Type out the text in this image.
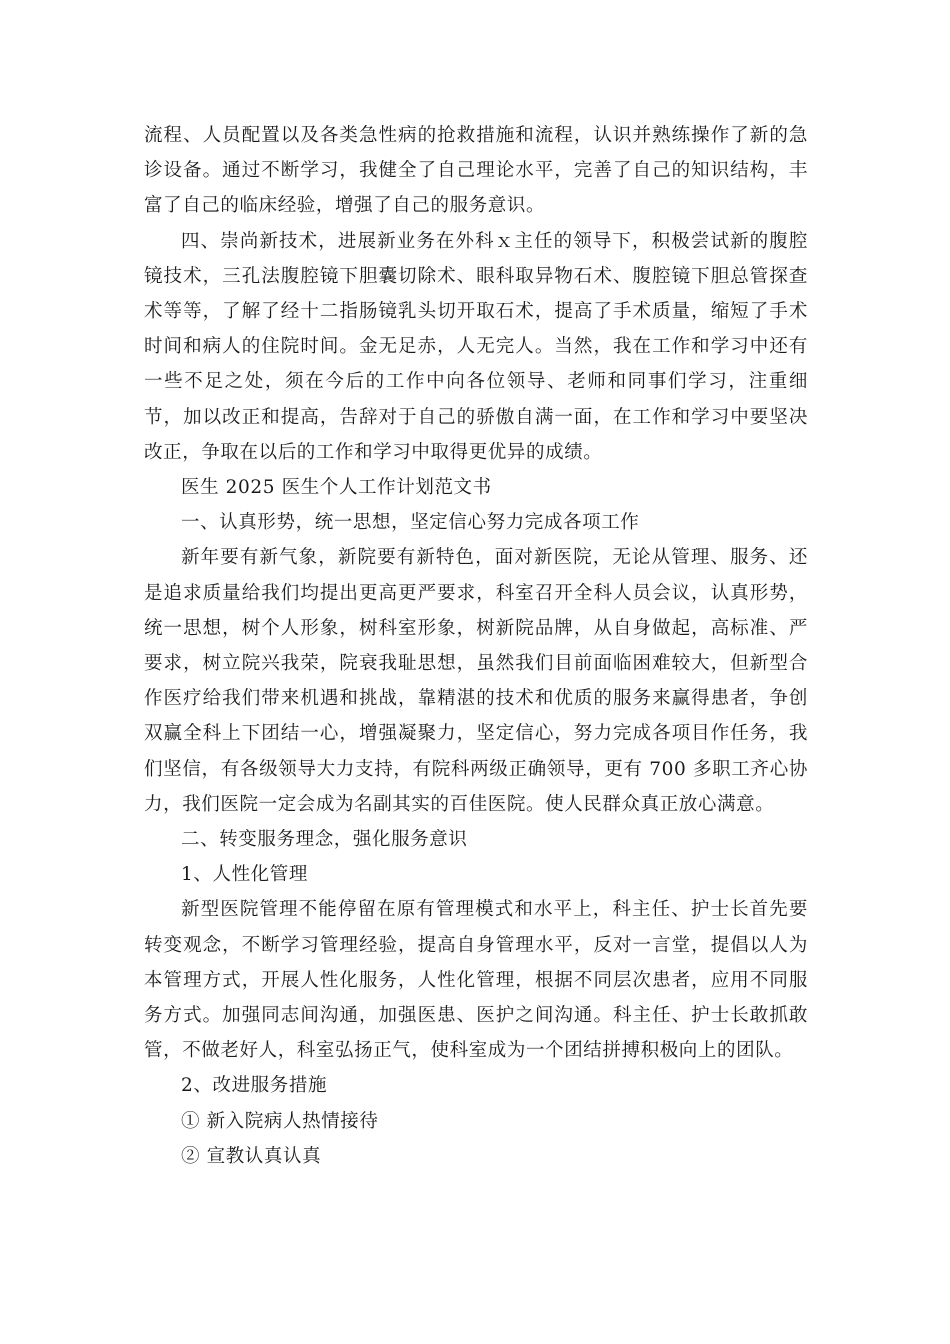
流程、人员配置以及各类急性病的抢救措施和流程，认识并熟练操作了新的急诊设备。通过不断学习，我健全了自己理论水平，完善了自己的知识结构，丰富了自己的临床经验，增强了自己的服务意识。

四、崇尚新技术，进展新业务在外科ｘ主任的领导下，积极尝试新的腹腔镜技术，三孔法腹腔镜下胆囊切除术、眼科取异物石术、腹腔镜下胆总管探查术等等，了解了经十二指肠镜乳头切开取石术，提高了手术质量，缩短了手术时间和病人的住院时间。金无足赤，人无完人。当然，我在工作和学习中还有一些不足之处，须在今后的工作中向各位领导、老师和同事们学习，注重细节，加以改正和提高，告辞对于自己的骄傲自满一面，在工作和学习中要坚决改正，争取在以后的工作和学习中取得更优异的成绩。

医生 2025 医生个人工作计划范文书

一、认真形势，统一思想，坚定信心努力完成各项工作

新年要有新气象，新院要有新特色，面对新医院，无论从管理、服务、还是追求质量给我们均提出更高更严要求，科室召开全科人员会议，认真形势，统一思想，树个人形象，树科室形象，树新院品牌，从自身做起，高标准、严要求，树立院兴我荣，院衰我耻思想，虽然我们目前面临困难较大，但新型合作医疗给我们带来机遇和挑战，靠精湛的技术和优质的服务来赢得患者，争创双赢全科上下团结一心，增强凝聚力，坚定信心，努力完成各项目作任务，我们坚信，有各级领导大力支持，有院科两级正确领导，更有 700 多职工齐心协力，我们医院一定会成为名副其实的百佳医院。使人民群众真正放心满意。

二、转变服务理念，强化服务意识

1、人性化管理

新型医院管理不能停留在原有管理模式和水平上，科主任、护士长首先要转变观念，不断学习管理经验，提高自身管理水平，反对一言堂，提倡以人为本管理方式，开展人性化服务，人性化管理，根据不同层次患者，应用不同服务方式。加强同志间沟通，加强医患、医护之间沟通。科主任、护士长敢抓敢管，不做老好人，科室弘扬正气，使科室成为一个团结拼搏积极向上的团队。

2、改进服务措施

① 新入院病人热情接待

② 宣教认真认真
